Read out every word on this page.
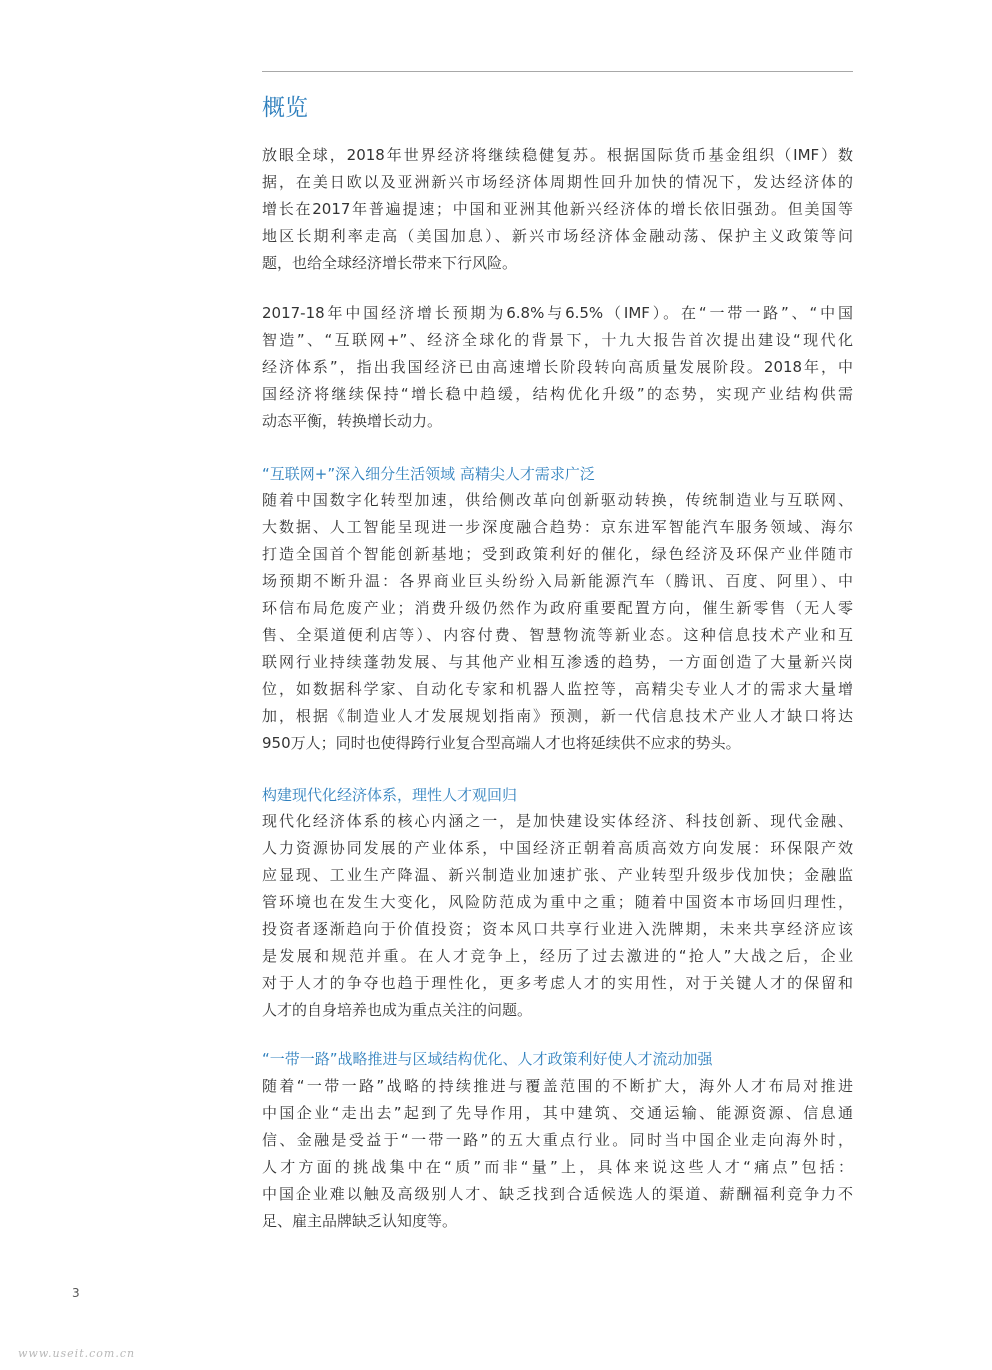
概览
放眼全球，2018年世界经济将继续稳健复苏。根据国际货币基金组织（IMF）数
据，在美日欧以及亚洲新兴市场经济体周期性回升加快的情况下，发达经济体的
增长在2017年普遍提速；中国和亚洲其他新兴经济体的增长依旧强劲。但美国等
地区长期利率走高（美国加息）、新兴市场经济体金融动荡、保护主义政策等问
题，也给全球经济增长带来下行风险。
2017-18年中国经济增长预期为6.8%与6.5%（IMF）。在“一带一路”、“中国
智造”、“互联网+”、经济全球化的背景下，十九大报告首次提出建设“现代化
经济体系”，指出我国经济已由高速增长阶段转向高质量发展阶段。2018年，中
国经济将继续保持“增长稳中趋缓，结构优化升级”的态势，实现产业结构供需
动态平衡，转换增长动力。
“互联网+”深入细分生活领域 高精尖人才需求广泛
随着中国数字化转型加速，供给侧改革向创新驱动转换，传统制造业与互联网、
大数据、人工智能呈现进一步深度融合趋势：京东进军智能汽车服务领域、海尔
打造全国首个智能创新基地；受到政策利好的催化，绿色经济及环保产业伴随市
场预期不断升温：各界商业巨头纷纷入局新能源汽车（腾讯、百度、阿里）、中
环信布局危废产业；消费升级仍然作为政府重要配置方向，催生新零售（无人零
售、全渠道便利店等）、内容付费、智慧物流等新业态。这种信息技术产业和互
联网行业持续蓬勃发展、与其他产业相互渗透的趋势，一方面创造了大量新兴岗
位，如数据科学家、自动化专家和机器人监控等，高精尖专业人才的需求大量增
加，根据《制造业人才发展规划指南》预测，新一代信息技术产业人才缺口将达
950万人；同时也使得跨行业复合型高端人才也将延续供不应求的势头。
构建现代化经济体系，理性人才观回归
现代化经济体系的核心内涵之一，是加快建设实体经济、科技创新、现代金融、
人力资源协同发展的产业体系，中国经济正朝着高质高效方向发展：环保限产效
应显现、工业生产降温、新兴制造业加速扩张、产业转型升级步伐加快；金融监
管环境也在发生大变化，风险防范成为重中之重；随着中国资本市场回归理性，
投资者逐渐趋向于价值投资；资本风口共享行业进入洗牌期，未来共享经济应该
是发展和规范并重。在人才竞争上，经历了过去激进的“抢人”大战之后，企业
对于人才的争夺也趋于理性化，更多考虑人才的实用性，对于关键人才的保留和
人才的自身培养也成为重点关注的问题。
“一带一路”战略推进与区域结构优化、人才政策利好使人才流动加强
随着“一带一路”战略的持续推进与覆盖范围的不断扩大，海外人才布局对推进
中国企业“走出去”起到了先导作用，其中建筑、交通运输、能源资源、信息通
信、金融是受益于“一带一路”的五大重点行业。同时当中国企业走向海外时，
人才方面的挑战集中在“质”而非“量”上，具体来说这些人才“痛点”包括：
中国企业难以触及高级别人才、缺乏找到合适候选人的渠道、薪酬福利竞争力不
足、雇主品牌缺乏认知度等。
3
www.useit.com.cn
